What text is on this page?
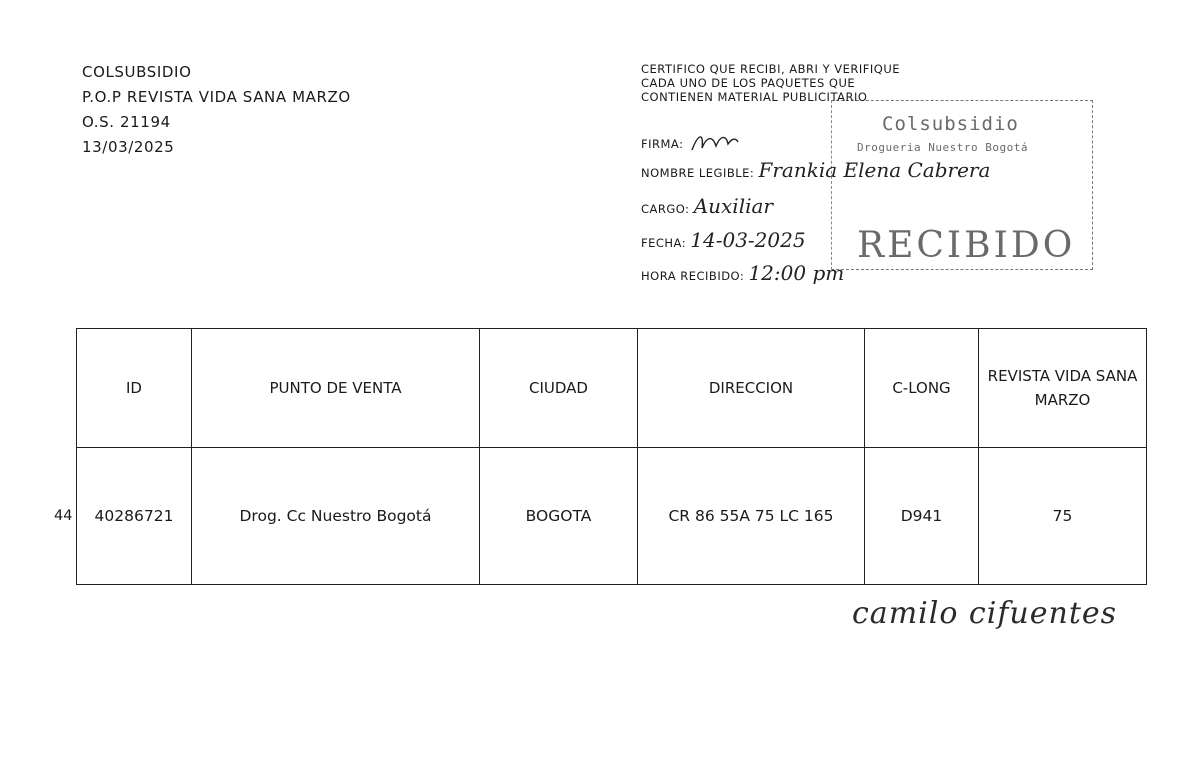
COLSUBSIDIO
P.O.P REVISTA VIDA SANA MARZO
O.S. 21194
13/03/2025
Colsubsidio
Drogueria Nuestro Bogotá
RECIBIDO
CERTIFICO QUE RECIBI, ABRI Y VERIFIQUE
CADA UNO DE LOS PAQUETES QUE
CONTIENEN MATERIAL PUBLICITARIO
FIRMA:
NOMBRE LEGIBLE: Frankia Elena Cabrera
CARGO: Auxiliar
FECHA: 14-03-2025
HORA RECIBIDO: 12:00 pm
44
ID	PUNTO DE VENTA	CIUDAD	DIRECCION	C-LONG	REVISTA VIDA SANA MARZO
40286721	Drog. Cc Nuestro Bogotá	BOGOTA	CR 86 55A 75 LC 165	D941	75
camilo cifuentes
